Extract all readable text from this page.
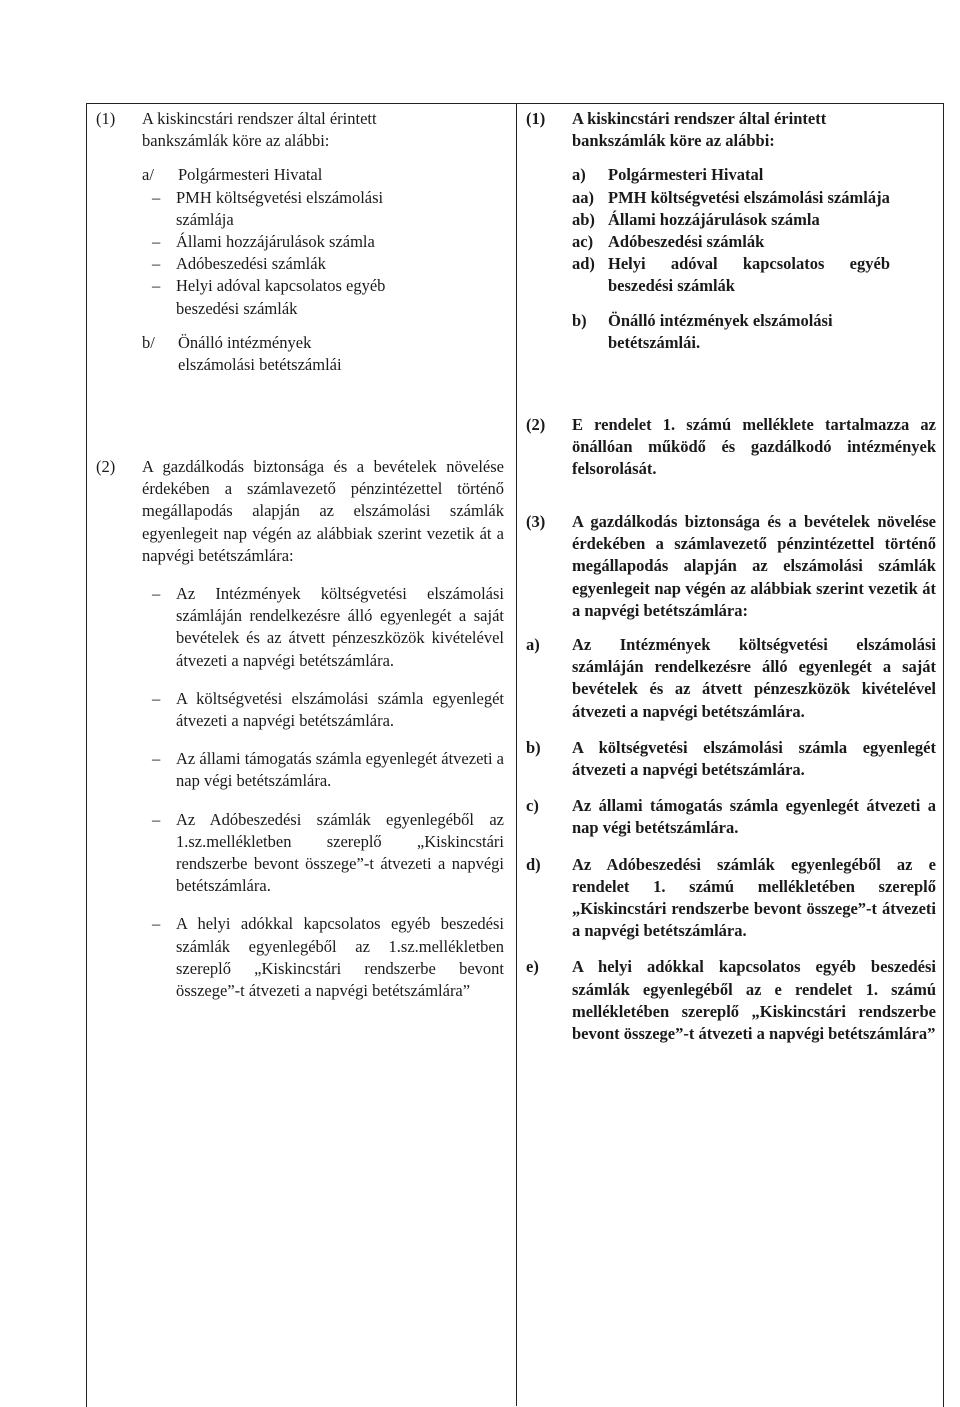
(1) A kiskincstári rendszer által érintett bankszámlák köre az alábbi:
a/ Polgármesteri Hivatal
– PMH költségvetési elszámolási számlája
– Állami hozzájárulások számla
– Adóbeszedési számlák
– Helyi adóval kapcsolatos egyéb beszedési számlák
b/ Önálló intézmények elszámolási betétszámlái
(2) A gazdálkodás biztonsága és a bevételek növelése érdekében a számlavezető pénzintézettel történő megállapodás alapján az elszámolási számlák egyenlegeit nap végén az alábbiak szerint vezetik át a napvégi betétszámlára:
– Az Intézmények költségvetési elszámolási számláján rendelkezésre álló egyenlegét a saját bevételek és az átvett pénzeszközök kivételével átvezeti a napvégi betétszámlára.
– A költségvetési elszámolási számla egyenlegét átvezeti a napvégi betétszámlára.
– Az állami támogatás számla egyenlegét átvezeti a nap végi betétszámlára.
– Az Adóbeszedési számlák egyenlegéből az 1.sz.mellékletben szereplő „Kiskincstári rendszerbe bevont összege”-t átvezeti a napvégi betétszámlára.
– A helyi adókkal kapcsolatos egyéb beszedési számlák egyenlegéből az 1.sz.mellékletben szereplő „Kiskincstári rendszerbe bevont összege”-t átvezeti a napvégi betétszámlára”
(1) A kiskincstári rendszer által érintett bankszámlák köre az alábbi:
a) Polgármesteri Hivatal
aa) PMH költségvetési elszámolási számlája
ab) Állami hozzájárulások számla
ac) Adóbeszedési számlák
ad) Helyi adóval kapcsolatos egyéb beszedési számlák
b) Önálló intézmények elszámolási betétszámlái.
(2) E rendelet 1. számú melléklete tartalmazza az önállóan működő és gazdálkodó intézmények felsorolását.
(3) A gazdálkodás biztonsága és a bevételek növelése érdekében a számlavezető pénzintézettel történő megállapodás alapján az elszámolási számlák egyenlegeit nap végén az alábbiak szerint vezetik át a napvégi betétszámlára:
a) Az Intézmények költségvetési elszámolási számláján rendelkezésre álló egyenlegét a saját bevételek és az átvett pénzeszközök kivételével átvezeti a napvégi betétszámlára.
b) A költségvetési elszámolási számla egyenlegét átvezeti a napvégi betétszámlára.
c) Az állami támogatás számla egyenlegét átvezeti a nap végi betétszámlára.
d) Az Adóbeszedési számlák egyenlegéből az e rendelet 1. számú mellékletében szereplő „Kiskincstári rendszerbe bevont összege”-t átvezeti a napvégi betétszámlára.
e) A helyi adókkal kapcsolatos egyéb beszedési számlák egyenlegéből az e rendelet 1. számú mellékletében szereplő „Kiskincstári rendszerbe bevont összege”-t átvezeti a napvégi betétszámlára”
